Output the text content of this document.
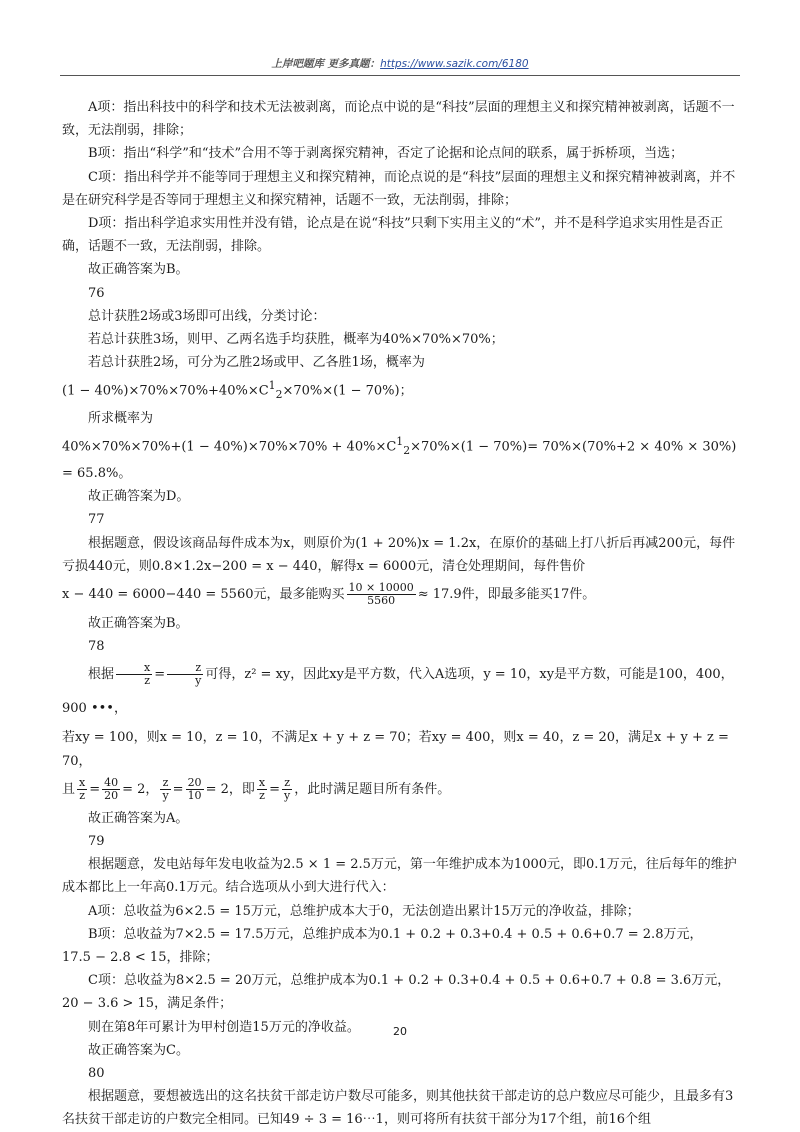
上岸吧题库 更多真题：https://www.sazik.com/6180

A项：指出科技中的科学和技术无法被剥离，而论点中说的是“科技”层面的理想主义和探究精神被剥离，话题不一致，无法削弱，排除；

B项：指出“科学”和“技术”合用不等于剥离探究精神，否定了论据和论点间的联系，属于拆桥项，当选；

C项：指出科学并不能等同于理想主义和探究精神，而论点说的是“科技”层面的理想主义和探究精神被剥离，并不是在研究科学是否等同于理想主义和探究精神，话题不一致，无法削弱，排除；

D项：指出科学追求实用性并没有错，论点是在说“科技”只剩下实用主义的“术”，并不是科学追求实用性是否正确，话题不一致，无法削弱，排除。

故正确答案为B。

76

总计获胜2场或3场即可出线，分类讨论：

若总计获胜3场，则甲、乙两名选手均获胜，概率为40%×70%×70%；

若总计获胜2场，可分为乙胜2场或甲、乙各胜1场，概率为

$(1 - 40\%)\times 70\%\times 70\%+40\%\times C^1_2\times 70\%\times(1 - 70\%)$；

所求概率为

$40\%\times 70\%\times 70\%+(1 - 40\%)\times 70\%\times 70\% + 40\%\times C^1_2\times 70\%\times(1 - 70\%)= 70\%\times(70\%+2 \times 40\% \times 30\%)$

= 65.8%。

故正确答案为D。

77

根据题意，假设该商品每件成本为x，则原价为(1 + 20%)x = 1.2x，在原价的基础上打八折后再减200元，每件亏损440元，则0.8×1.2x−200 = x − 440，解得x = 6000元，清仓处理期间，每件售价

x − 440 = 6000−440 = 5560元，最多能购买 $\frac{10 \times 10000}{5560} \approx 17.9$件，即最多能买17件。

故正确答案为B。

78

根据 $\frac{x}{z} = \frac{z}{y}$ 可得，z² = xy，因此xy是平方数，代入A选项，y = 10，xy是平方数，可能是100，400，900 •••，

若xy = 100，则x = 10，z = 10，不满足x + y + z = 70；若xy = 400，则x = 40，z = 20，满足x + y + z = 70，

且 $\frac{x}{z} = \frac{40}{20} = 2$， $\frac{z}{y} = \frac{20}{10} = 2$，即 $\frac{x}{z} = \frac{z}{y}$ ，此时满足题目所有条件。

故正确答案为A。

79

根据题意，发电站每年发电收益为2.5 × 1 = 2.5万元，第一年维护成本为1000元，即0.1万元，往后每年的维护成本都比上一年高0.1万元。结合选项从小到大进行代入：

A项：总收益为6×2.5 = 15万元，总维护成本大于0，无法创造出累计15万元的净收益，排除；

B项：总收益为7×2.5 = 17.5万元，总维护成本为0.1 + 0.2 + 0.3+0.4 + 0.5 + 0.6+0.7 = 2.8万元，

17.5 − 2.8 < 15，排除；

C项：总收益为8×2.5 = 20万元，总维护成本为0.1 + 0.2 + 0.3+0.4 + 0.5 + 0.6+0.7 + 0.8 = 3.6万元，

20 − 3.6 > 15，满足条件；

则在第8年可累计为甲村创造15万元的净收益。

故正确答案为C。

80

根据题意，要想被选出的这名扶贫干部走访户数尽可能多，则其他扶贫干部走访的总户数应尽可能少，且最多有3名扶贫干部走访的户数完全相同。已知49 ÷ 3 = 16⋯1，则可将所有扶贫干部分为17个组，前16个组

20
